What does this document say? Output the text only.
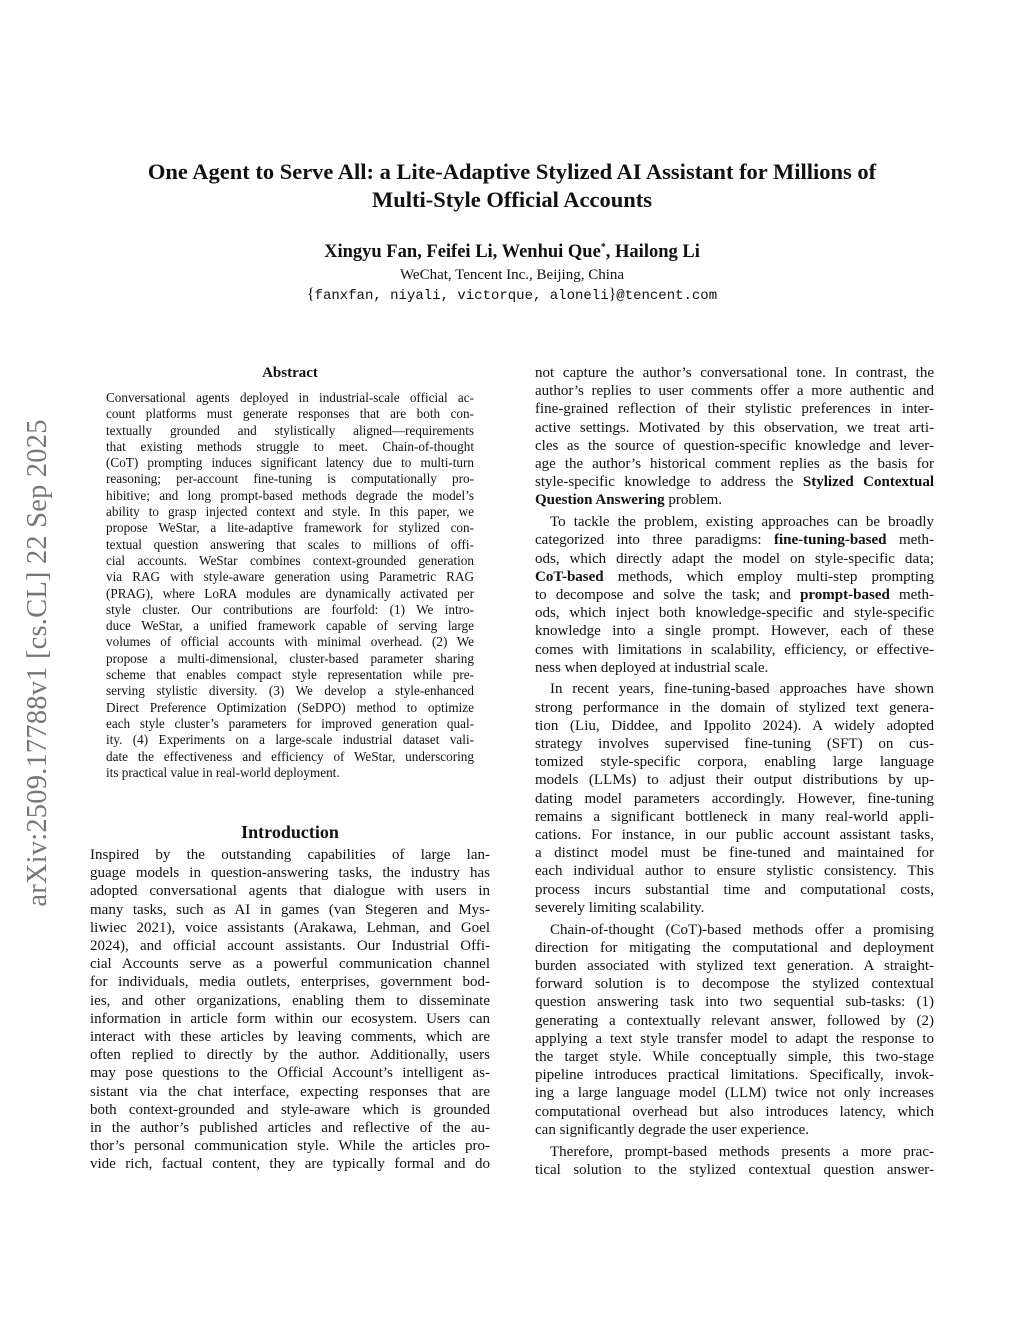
arXiv:2509.17788v1 [cs.CL] 22 Sep 2025
One Agent to Serve All: a Lite-Adaptive Stylized AI Assistant for Millions of
Multi-Style Official Accounts
Xingyu Fan, Feifei Li, Wenhui Que*, Hailong Li
WeChat, Tencent Inc., Beijing, China
{fanxfan, niyali, victorque, aloneli}@tencent.com
Abstract
Conversational agents deployed in industrial-scale official ac-
count platforms must generate responses that are both con-
textually grounded and stylistically aligned—requirements
that existing methods struggle to meet. Chain-of-thought
(CoT) prompting induces significant latency due to multi-turn
reasoning; per-account fine-tuning is computationally pro-
hibitive; and long prompt-based methods degrade the model’s
ability to grasp injected context and style. In this paper, we
propose WeStar, a lite-adaptive framework for stylized con-
textual question answering that scales to millions of offi-
cial accounts. WeStar combines context-grounded generation
via RAG with style-aware generation using Parametric RAG
(PRAG), where LoRA modules are dynamically activated per
style cluster. Our contributions are fourfold: (1) We intro-
duce WeStar, a unified framework capable of serving large
volumes of official accounts with minimal overhead. (2) We
propose a multi-dimensional, cluster-based parameter sharing
scheme that enables compact style representation while pre-
serving stylistic diversity. (3) We develop a style-enhanced
Direct Preference Optimization (SeDPO) method to optimize
each style cluster’s parameters for improved generation qual-
ity. (4) Experiments on a large-scale industrial dataset vali-
date the effectiveness and efficiency of WeStar, underscoring
its practical value in real-world deployment.
Introduction
Inspired by the outstanding capabilities of large lan-
guage models in question-answering tasks, the industry has
adopted conversational agents that dialogue with users in
many tasks, such as AI in games (van Stegeren and Mys-
liwiec 2021), voice assistants (Arakawa, Lehman, and Goel
2024), and official account assistants. Our Industrial Offi-
cial Accounts serve as a powerful communication channel
for individuals, media outlets, enterprises, government bod-
ies, and other organizations, enabling them to disseminate
information in article form within our ecosystem. Users can
interact with these articles by leaving comments, which are
often replied to directly by the author. Additionally, users
may pose questions to the Official Account’s intelligent as-
sistant via the chat interface, expecting responses that are
both context-grounded and style-aware which is grounded
in the author’s published articles and reflective of the au-
thor’s personal communication style. While the articles pro-
vide rich, factual content, they are typically formal and do
not capture the author’s conversational tone. In contrast, the
author’s replies to user comments offer a more authentic and
fine-grained reflection of their stylistic preferences in inter-
active settings. Motivated by this observation, we treat arti-
cles as the source of question-specific knowledge and lever-
age the author’s historical comment replies as the basis for
style-specific knowledge to address the Stylized Contextual
Question Answering problem.
To tackle the problem, existing approaches can be broadly
categorized into three paradigms: fine-tuning-based meth-
ods, which directly adapt the model on style-specific data;
CoT-based methods, which employ multi-step prompting
to decompose and solve the task; and prompt-based meth-
ods, which inject both knowledge-specific and style-specific
knowledge into a single prompt. However, each of these
comes with limitations in scalability, efficiency, or effective-
ness when deployed at industrial scale.
In recent years, fine-tuning-based approaches have shown
strong performance in the domain of stylized text genera-
tion (Liu, Diddee, and Ippolito 2024). A widely adopted
strategy involves supervised fine-tuning (SFT) on cus-
tomized style-specific corpora, enabling large language
models (LLMs) to adjust their output distributions by up-
dating model parameters accordingly. However, fine-tuning
remains a significant bottleneck in many real-world appli-
cations. For instance, in our public account assistant tasks,
a distinct model must be fine-tuned and maintained for
each individual author to ensure stylistic consistency. This
process incurs substantial time and computational costs,
severely limiting scalability.
Chain-of-thought (CoT)-based methods offer a promising
direction for mitigating the computational and deployment
burden associated with stylized text generation. A straight-
forward solution is to decompose the stylized contextual
question answering task into two sequential sub-tasks: (1)
generating a contextually relevant answer, followed by (2)
applying a text style transfer model to adapt the response to
the target style. While conceptually simple, this two-stage
pipeline introduces practical limitations. Specifically, invok-
ing a large language model (LLM) twice not only increases
computational overhead but also introduces latency, which
can significantly degrade the user experience.
Therefore, prompt-based methods presents a more prac-
tical solution to the stylized contextual question answer-
